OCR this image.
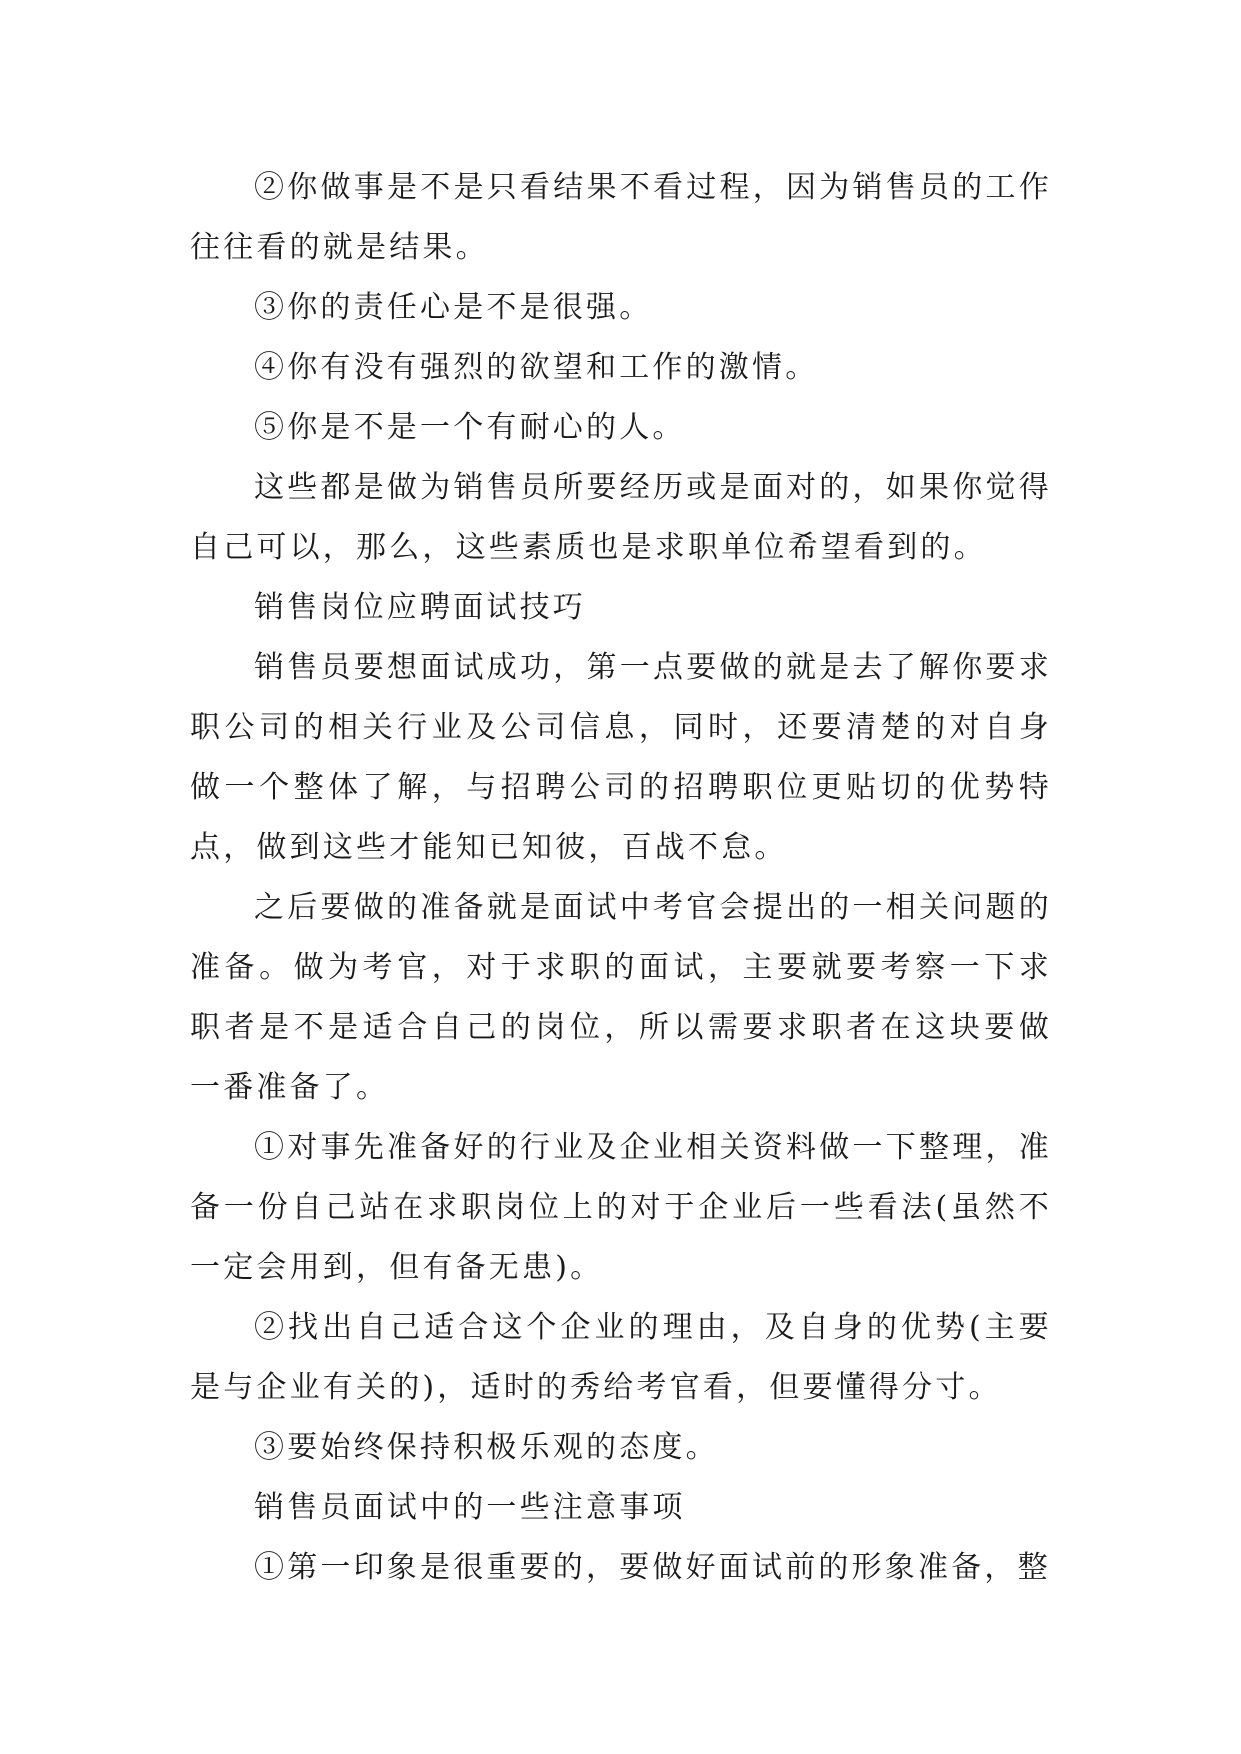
②你做事是不是只看结果不看过程，因为销售员的工作往往看的就是结果。

③你的责任心是不是很强。

④你有没有强烈的欲望和工作的激情。

⑤你是不是一个有耐心的人。

这些都是做为销售员所要经历或是面对的，如果你觉得自己可以，那么，这些素质也是求职单位希望看到的。

销售岗位应聘面试技巧

销售员要想面试成功，第一点要做的就是去了解你要求职公司的相关行业及公司信息，同时，还要清楚的对自身做一个整体了解，与招聘公司的招聘职位更贴切的优势特点，做到这些才能知已知彼，百战不怠。

之后要做的准备就是面试中考官会提出的一相关问题的准备。做为考官，对于求职的面试，主要就要考察一下求职者是不是适合自己的岗位，所以需要求职者在这块要做一番准备了。

①对事先准备好的行业及企业相关资料做一下整理，准备一份自己站在求职岗位上的对于企业后一些看法(虽然不一定会用到，但有备无患)。

②找出自己适合这个企业的理由，及自身的优势(主要是与企业有关的)，适时的秀给考官看，但要懂得分寸。

③要始终保持积极乐观的态度。

销售员面试中的一些注意事项

①第一印象是很重要的，要做好面试前的形象准备，整
